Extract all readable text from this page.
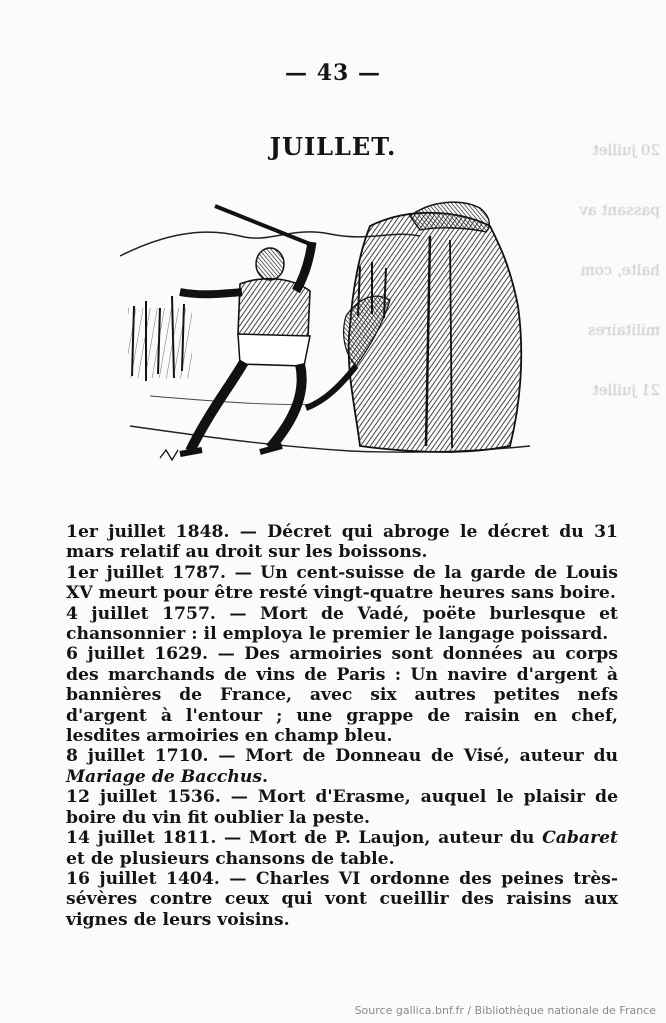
20 juillet

passant av

halte, com

militaires

21 juillet

— 43 —
JUILLET.

1er juillet 1848. — Décret qui abroge le décret du 31 mars relatif au droit sur les boissons.

1er juillet 1787. — Un cent-suisse de la garde de Louis XV meurt pour être resté vingt-quatre heures sans boire.

4 juillet 1757. — Mort de Vadé, poëte burlesque et chansonnier : il employa le premier le langage poissard.

6 juillet 1629. — Des armoiries sont données au corps des marchands de vins de Paris : Un navire d'argent à bannières de France, avec six autres petites nefs d'argent à l'entour ; une grappe de raisin en chef, lesdites armoiries en champ bleu.

8 juillet 1710. — Mort de Donneau de Visé, auteur du Mariage de Bacchus.

12 juillet 1536. — Mort d'Erasme, auquel le plaisir de boire du vin fit oublier la peste.

14 juillet 1811. — Mort de P. Laujon, auteur du Cabaret et de plusieurs chansons de table.

16 juillet 1404. — Charles VI ordonne des peines très-sévères contre ceux qui vont cueillir des raisins aux vignes de leurs voisins.

Source gallica.bnf.fr / Bibliothèque nationale de France
